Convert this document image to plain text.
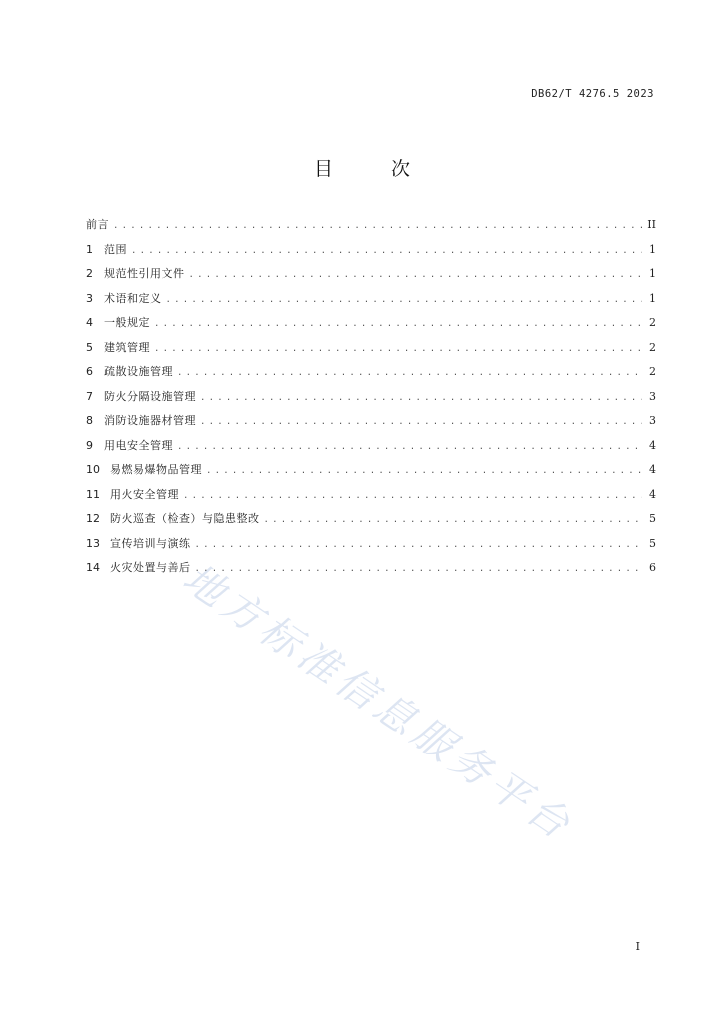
DB62/T 4276.5 2023
目 次
前言 .....	II
1	范围 .....	1
2	规范性引用文件 .....	1
3	术语和定义 .....	1
4	一般规定 .....	2
5	建筑管理 .....	2
6	疏散设施管理 .....	2
7	防火分隔设施管理 .....	3
8	消防设施器材管理 .....	3
9	用电安全管理 .....	4
10 易燃易爆物品管理 .....	4
11 用火安全管理 .....	4
12 防火巡查（检查）与隐患整改 .....	5
13 宣传培训与演练 .....	5
14 火灾处置与善后 .....	6
地方标准信息服务平台
I
